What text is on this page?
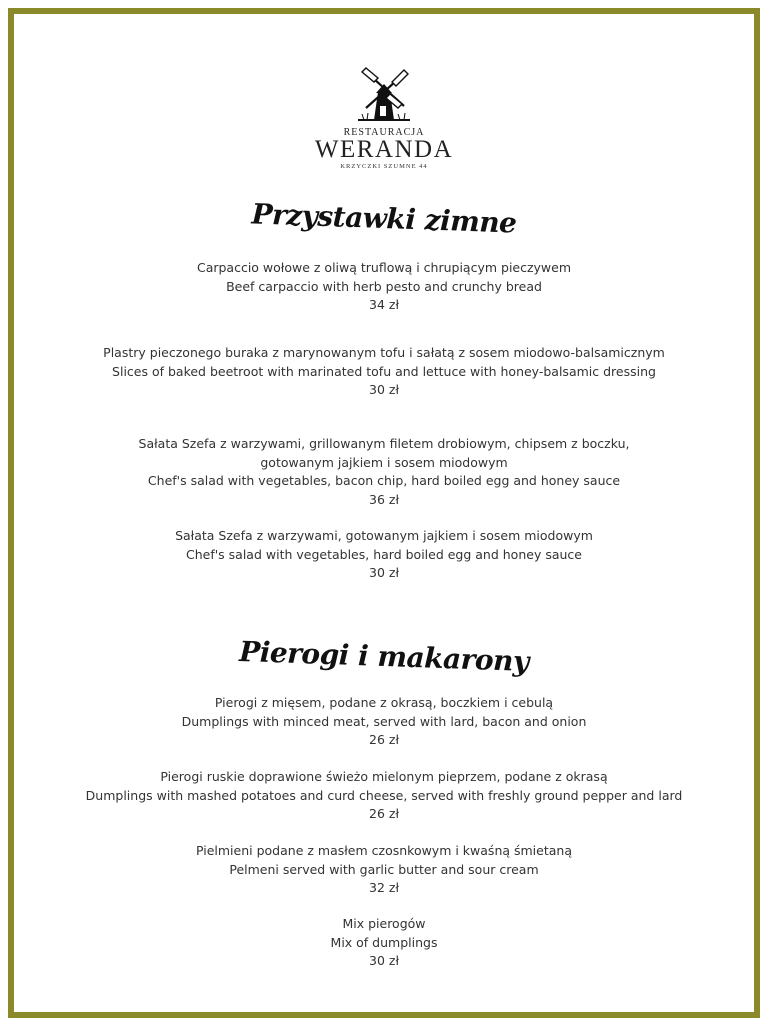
RESTAURACJA
WERANDA
KRZYCZKI SZUMNE 44
Przystawki zimne
Carpaccio wołowe z oliwą truflową i chrupiącym pieczywem
Beef carpaccio with herb pesto and crunchy bread
34 zł
Plastry pieczonego buraka z marynowanym tofu i sałatą z sosem miodowo-balsamicznym
Slices of baked beetroot with marinated tofu and lettuce with honey-balsamic dressing
30 zł
Sałata Szefa z warzywami, grillowanym filetem drobiowym, chipsem z boczku,
gotowanym jajkiem i sosem miodowym
Chef's salad with vegetables, bacon chip, hard boiled egg and honey sauce
36 zł
Sałata Szefa z warzywami, gotowanym jajkiem i sosem miodowym
Chef's salad with vegetables, hard boiled egg and honey sauce
30 zł
Pierogi i makarony
Pierogi z mięsem, podane z okrasą, boczkiem i cebulą
Dumplings with minced meat, served with lard, bacon and onion
26 zł
Pierogi ruskie doprawione świeżo mielonym pieprzem, podane z okrasą
Dumplings with mashed potatoes and curd cheese, served with freshly ground pepper and lard
26 zł
Pielmieni podane z masłem czosnkowym i kwaśną śmietaną
Pelmeni served with garlic butter and sour cream
32 zł
Mix pierogów
Mix of dumplings
30 zł
